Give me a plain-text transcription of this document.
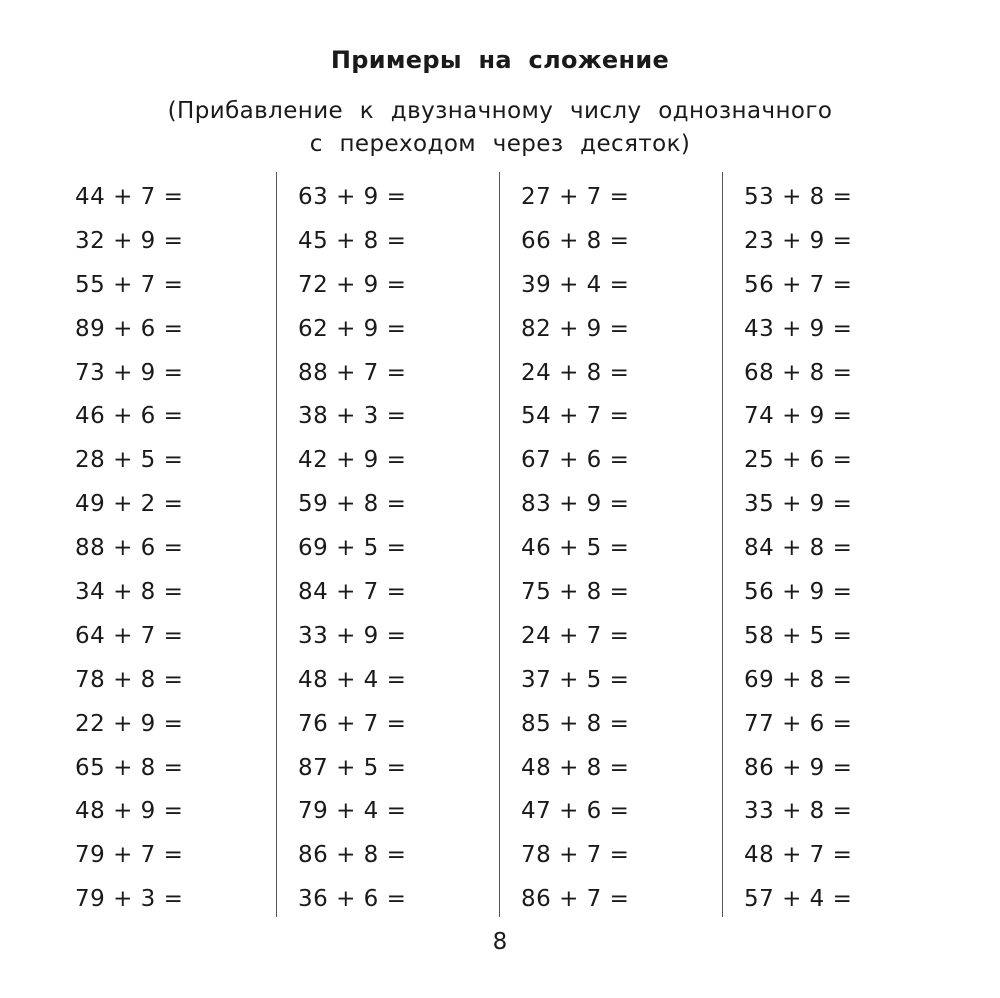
Примеры на сложение
(Прибавление к двузначному числу однозначного
с переходом через десяток)
44 + 7 =
32 + 9 =
55 + 7 =
89 + 6 =
73 + 9 =
46 + 6 =
28 + 5 =
49 + 2 =
88 + 6 =
34 + 8 =
64 + 7 =
78 + 8 =
22 + 9 =
65 + 8 =
48 + 9 =
79 + 7 =
79 + 3 =
63 + 9 =
45 + 8 =
72 + 9 =
62 + 9 =
88 + 7 =
38 + 3 =
42 + 9 =
59 + 8 =
69 + 5 =
84 + 7 =
33 + 9 =
48 + 4 =
76 + 7 =
87 + 5 =
79 + 4 =
86 + 8 =
36 + 6 =
27 + 7 =
66 + 8 =
39 + 4 =
82 + 9 =
24 + 8 =
54 + 7 =
67 + 6 =
83 + 9 =
46 + 5 =
75 + 8 =
24 + 7 =
37 + 5 =
85 + 8 =
48 + 8 =
47 + 6 =
78 + 7 =
86 + 7 =
53 + 8 =
23 + 9 =
56 + 7 =
43 + 9 =
68 + 8 =
74 + 9 =
25 + 6 =
35 + 9 =
84 + 8 =
56 + 9 =
58 + 5 =
69 + 8 =
77 + 6 =
86 + 9 =
33 + 8 =
48 + 7 =
57 + 4 =
8
